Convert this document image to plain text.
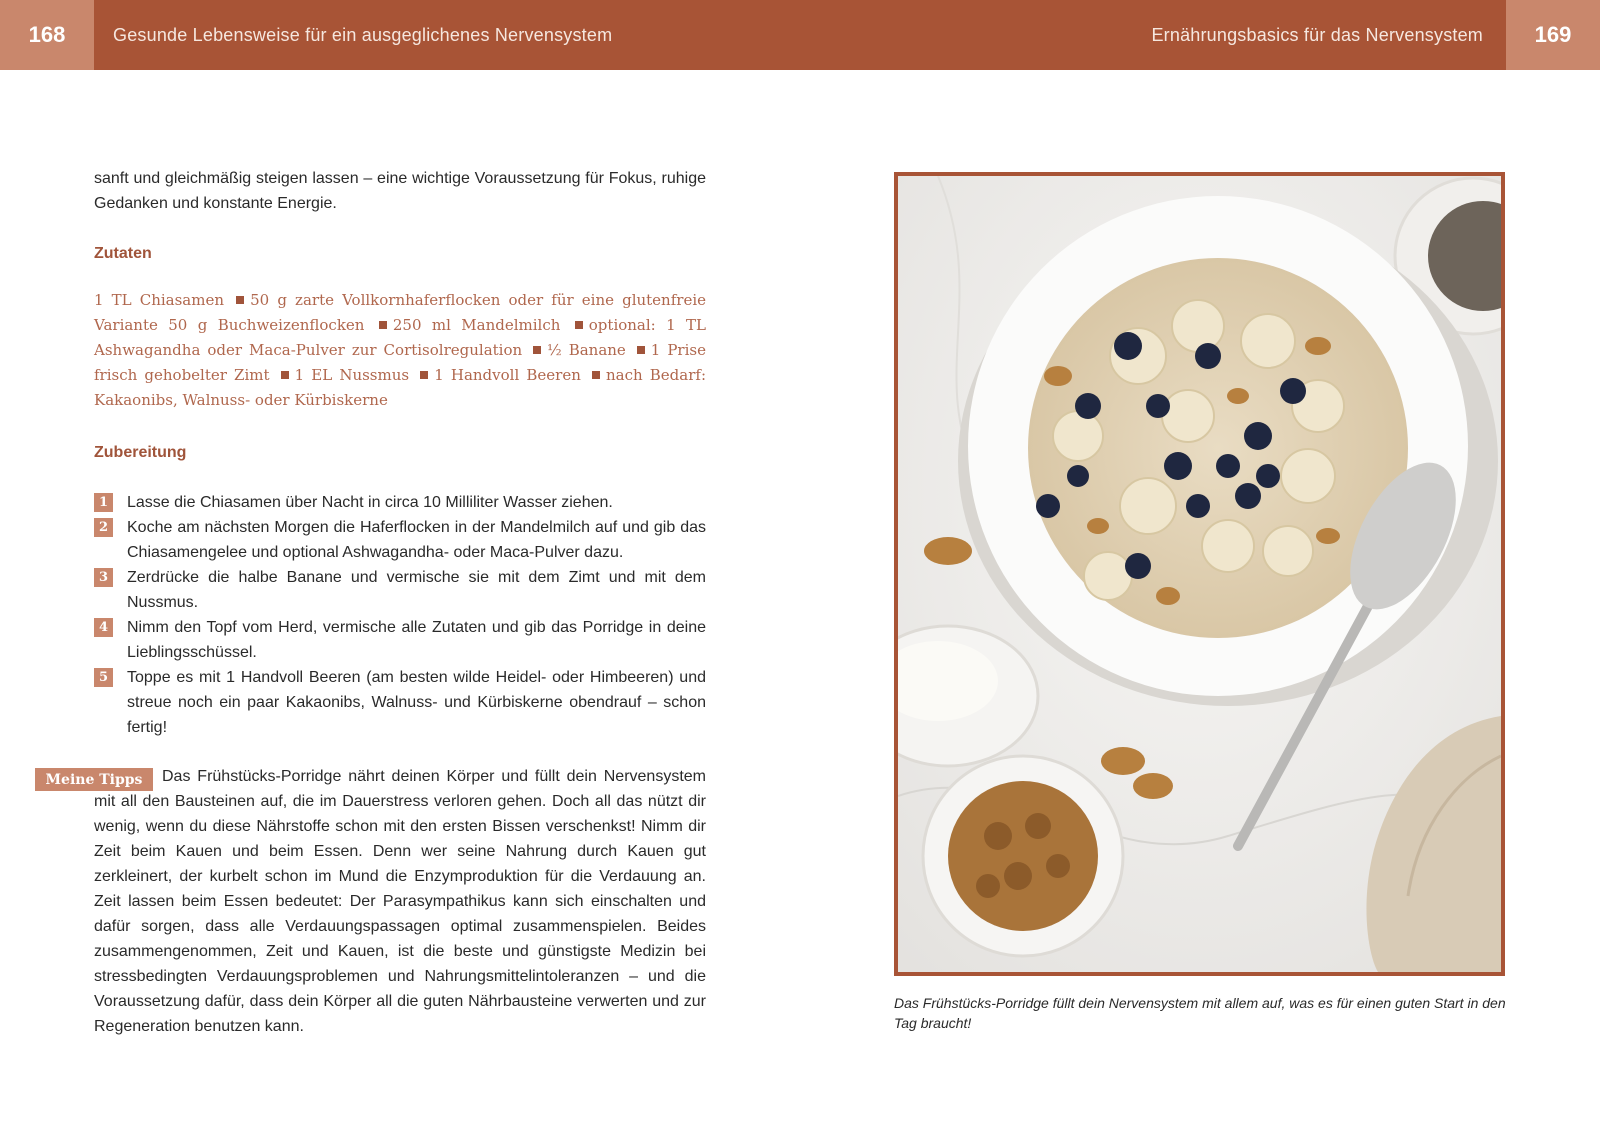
168	Gesunde Lebensweise für ein ausgeglichenes Nervensystem	Ernährungsbasics für das Nervensystem	169

sanft und gleichmäßig steigen lassen – eine wichtige Voraussetzung für Fokus, ruhige Gedanken und konstante Energie.

Zutaten

1 TL Chiasamen 50 g zarte Vollkornhaferflocken oder für eine glutenfreie Variante 50 g Buchweizenflocken 250 ml Mandelmilch optional: 1 TL Ashwagandha oder Maca-Pulver zur Cortisolregulation ½ Banane 1 Prise frisch gehobelter Zimt 1 EL Nussmus 1 Handvoll Beeren nach Bedarf: Kakaonibs, Walnuss- oder Kürbiskerne

Zubereitung
1	Lasse die Chiasamen über Nacht in circa 10 Milliliter Wasser ziehen.
2	Koche am nächsten Morgen die Haferflocken in der Mandelmilch auf und gib das Chiasamengelee und optional Ashwagandha- oder Maca-Pulver dazu.
3	Zerdrücke die halbe Banane und vermische sie mit dem Zimt und mit dem Nussmus.
4	Nimm den Topf vom Herd, vermische alle Zutaten und gib das Porridge in deine Lieblingsschüssel.
5	Toppe es mit 1 Handvoll Beeren (am besten wilde Heidel- oder Himbeeren) und streue noch ein paar Kakaonibs, Walnuss- und Kürbiskerne obendrauf – schon fertig!
Meine Tipps	Das Frühstücks-Porridge nährt deinen Körper und füllt dein Nervensystem mit all den Bausteinen auf, die im Dauerstress verloren gehen. Doch all das nützt dir wenig, wenn du diese Nährstoffe schon mit den ersten Bissen verschenkst! Nimm dir Zeit beim Kauen und beim Essen. Denn wer seine Nahrung durch Kauen gut zerkleinert, der kurbelt schon im Mund die Enzymproduktion für die Verdauung an. Zeit lassen beim Essen bedeutet: Der Parasympathikus kann sich einschalten und dafür sorgen, dass alle Verdauungspassagen optimal zusammenspielen. Beides zusammengenommen, Zeit und Kauen, ist die beste und günstigste Medizin bei stressbedingten Verdauungsproblemen und Nahrungsmittelintoleranzen – und die Voraussetzung dafür, dass dein Körper all die guten Nährbausteine verwerten und zur Regeneration benutzen kann.

Das Frühstücks-Porridge füllt dein Nervensystem mit allem auf, was es für einen guten Start in den Tag braucht!
